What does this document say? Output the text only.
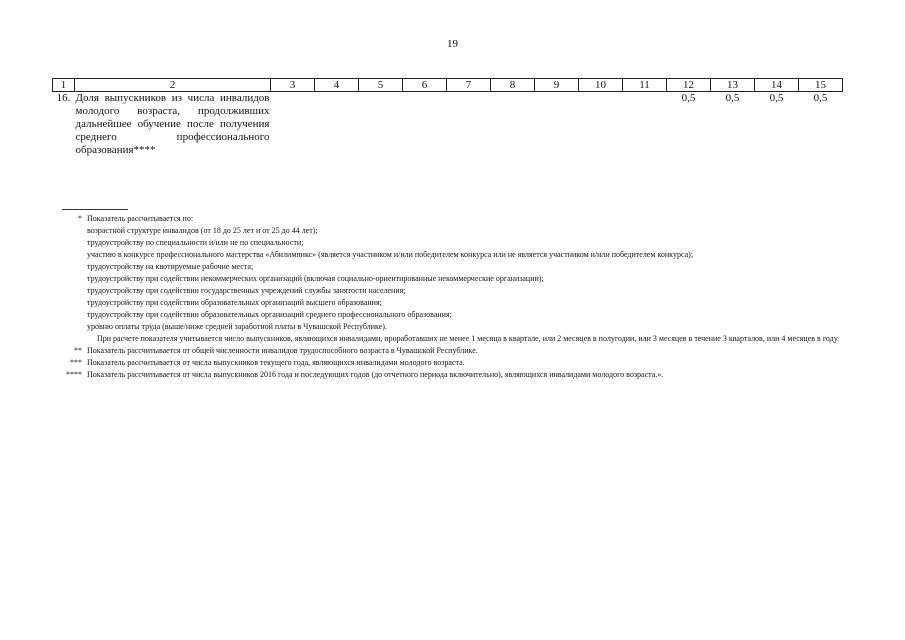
19
1	2	3	4	5	6	7	8	9	10	11	12	13	14	15
16.	Доля выпускников из числа инвалидов молодого возраста, продолживших дальнейшее обучение после получения среднего профессионального образования****										0,5	0,5	0,5	0,5
* Показатель рассчитывается по:
возрастной структуре инвалидов (от 18 до 25 лет и от 25 до 44 лет);
трудоустройству по специальности и/или не по специальности;
участию в конкурсе профессионального мастерства «Абилимпикс» (является участником и/или победителем конкурса или не является участником и/или победителем конкурса);
трудоустройству на квотируемые рабочие места;
трудоустройству при содействии некоммерческих организаций (включая социально-ориентированные некоммерческие организации);
трудоустройству при содействии государственных учреждений службы занятости населения;
трудоустройству при содействии образовательных организаций высшего образования;
трудоустройству при содействии образовательных организаций среднего профессионального образования;
уровню оплаты труда (выше/ниже средней заработной платы в Чувашской Республике).
При расчете показателя учитывается число выпускников, являющихся инвалидами, проработавших не менее 1 месяца в квартале, или 2 месяцев в полугодии, или 3 месяцев в течение 3 кварталов, или 4 месяцев в году.
** Показатель рассчитывается от общей численности инвалидов трудоспособного возраста в Чувашской Республике.
*** Показатель рассчитывается от числа выпускников текущего года, являющихся инвалидами молодого возраста.
**** Показатель рассчитывается от числа выпускников 2016 года и последующих годов (до отчетного периода включительно), являющихся инвалидами молодого возраста.».
